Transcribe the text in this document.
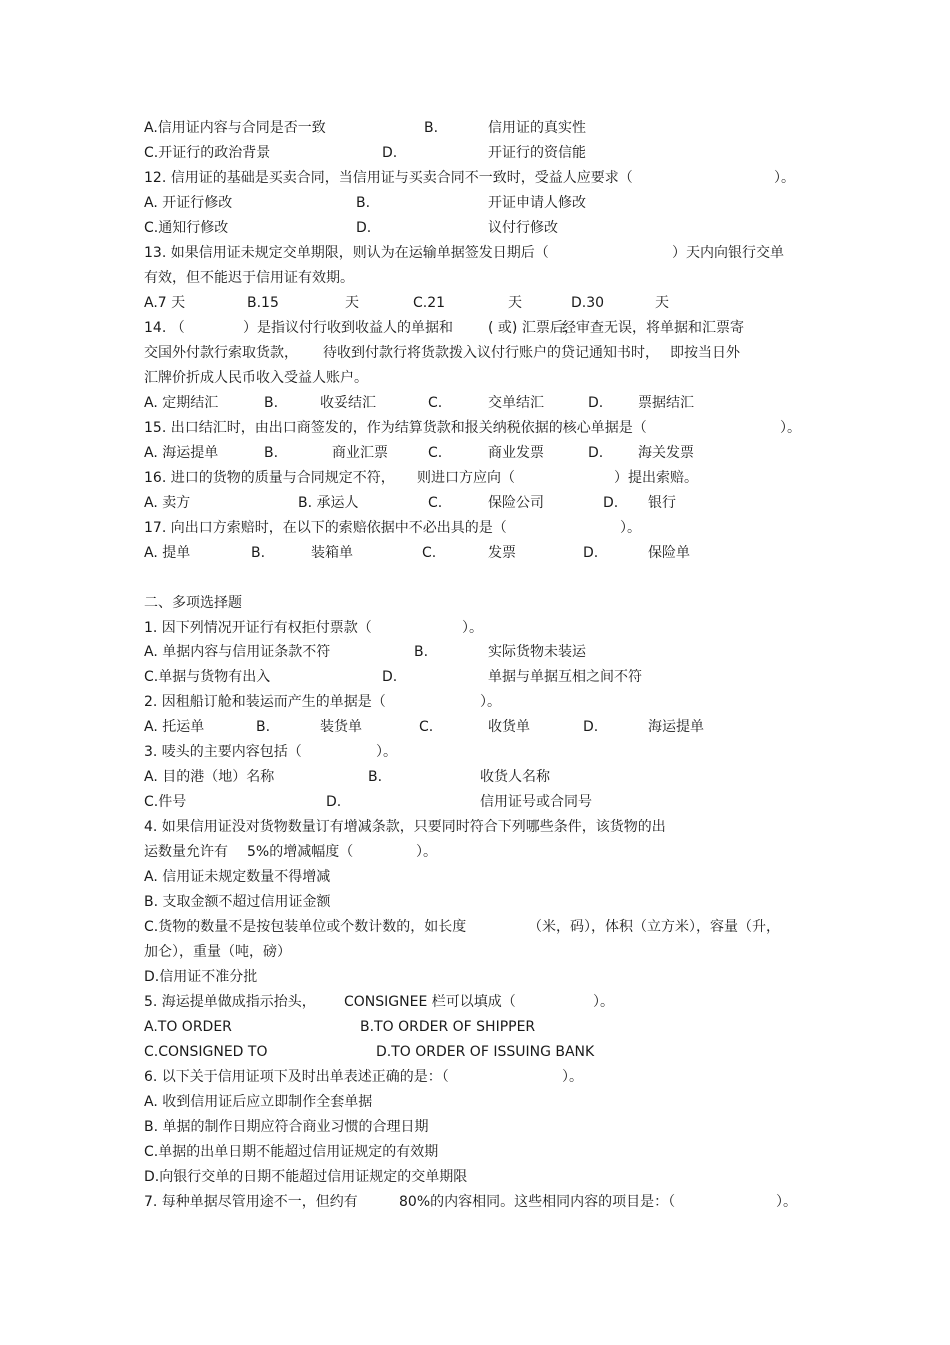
A.信用证内容与合同是否一致	B.	信用证的真实性
C.开证行的政治背景	D.	开证行的资信能
12. 信用证的基础是买卖合同，当信用证与买卖合同不一致时，受益人应要求（	）。
A. 开证行修改	B.	开证申请人修改
C.通知行修改	D.	议付行修改
13. 如果信用证未规定交单期限，则认为在运输单据签发日期后（	）天内向银行交单
有效，但不能迟于信用证有效期。
A.7 天	B.15	天	C.21	天	D.30	天
14. （	）是指议付行收到收益人的单据和	( 或) 汇票后，
经审查无误，将单据和汇票寄
交国外付款行索取货款， 待收到付款行将货款拨入议付行账户的贷记通知书时， 即按当日外
汇牌价折成人民币收入受益人账户。
A. 定期结汇	B.	收妥结汇	C.	交单结汇	D. 票据结汇
15. 出口结汇时，由出口商签发的，作为结算货款和报关纳税依据的核心单据是（	）。
A. 海运提单	B.	商业汇票	C.	商业发票	D. 海关发票
16. 进口的货物的质量与合同规定不符， 则进口方应向（	）提出索赔。
A. 卖方	B. 承运人	C.	保险公司	D. 银行
17. 向出口方索赔时，在以下的索赔依据中不必出具的是（	）。
A. 提单	B.	装箱单	C.	发票	D.	保险单
二、多项选择题
1. 因下列情况开证行有权拒付票款（	）。
A. 单据内容与信用证条款不符	B.	实际货物未装运
C.单据与货物有出入	D.	单据与单据互相之间不符
2. 因租船订舱和装运而产生的单据是（	）。
A. 托运单	B.	装货单	C.	收货单	D.	海运提单
3. 唛头的主要内容包括（	）。
A. 目的港（地）名称	B.	收货人名称
C.件号	D.	信用证号或合同号
4. 如果信用证没对货物数量订有增减条款，只要同时符合下列哪些条件，该货物的出
运数量允许有 5%的增减幅度（	）。
A. 信用证未规定数量不得增减
B. 支取金额不超过信用证金额
C.货物的数量不是按包装单位或个数计数的，如长度	（米，码），体积（立方米），容量（升，
加仑），重量（吨，磅）
D.信用证不准分批
5. 海运提单做成指示抬头， CONSIGNEE 栏可以填成（	）。
A.TO ORDER	B.TO ORDER OF SHIPPER
C.CONSIGNED TO	D.TO ORDER OF ISSUING BANK
6. 以下关于信用证项下及时出单表述正确的是：（	）。
A. 收到信用证后应立即制作全套单据
B. 单据的制作日期应符合商业习惯的合理日期
C.单据的出单日期不能超过信用证规定的有效期
D.向银行交单的日期不能超过信用证规定的交单期限
7. 每种单据尽管用途不一，但约有	80%的内容相同。这些相同内容的项目是：（	）。
